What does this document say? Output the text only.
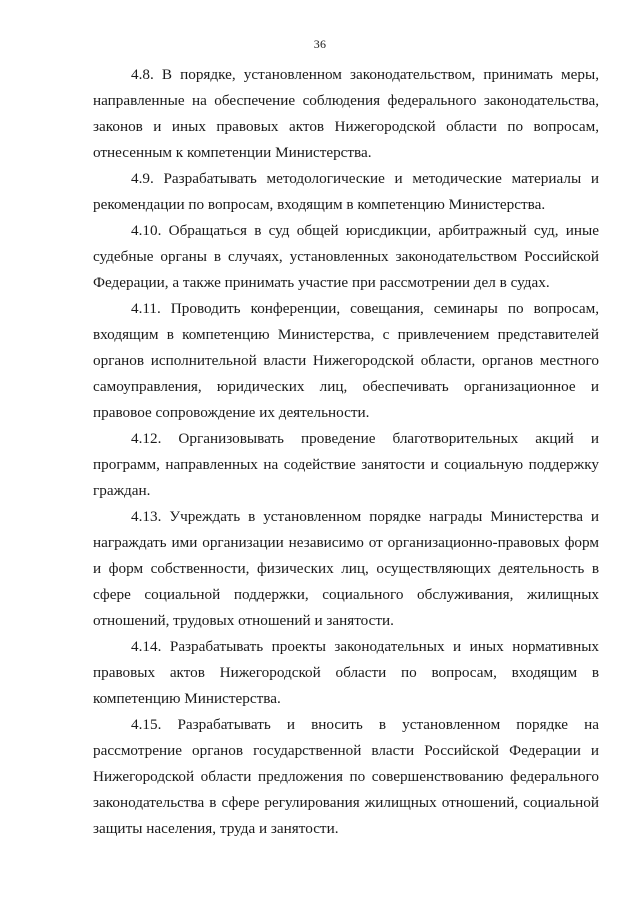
36

4.8. В порядке, установленном законодательством, принимать меры, направленные на обеспечение соблюдения федерального законодательства, законов и иных правовых актов Нижегородской области по вопросам, отнесенным к компетенции Министерства.

4.9. Разрабатывать методологические и методические материалы и рекомендации по вопросам, входящим в компетенцию Министерства.

4.10. Обращаться в суд общей юрисдикции, арбитражный суд, иные судебные органы в случаях, установленных законодательством Российской Федерации, а также принимать участие при рассмотрении дел в судах.

4.11. Проводить конференции, совещания, семинары по вопросам, входящим в компетенцию Министерства, с привлечением представителей органов исполнительной власти Нижегородской области, органов местного самоуправления, юридических лиц, обеспечивать организационное и правовое сопровождение их деятельности.

4.12. Организовывать проведение благотворительных акций и программ, направленных на содействие занятости и социальную поддержку граждан.

4.13. Учреждать в установленном порядке награды Министерства и награждать ими организации независимо от организационно-правовых форм и форм собственности, физических лиц, осуществляющих деятельность в сфере социальной поддержки, социального обслуживания, жилищных отношений, трудовых отношений и занятости.

4.14. Разрабатывать проекты законодательных и иных нормативных правовых актов Нижегородской области по вопросам, входящим в компетенцию Министерства.

4.15. Разрабатывать и вносить в установленном порядке на рассмотрение органов государственной власти Российской Федерации и Нижегородской области предложения по совершенствованию федерального законодательства в сфере регулирования жилищных отношений, социальной защиты населения, труда и занятости.
